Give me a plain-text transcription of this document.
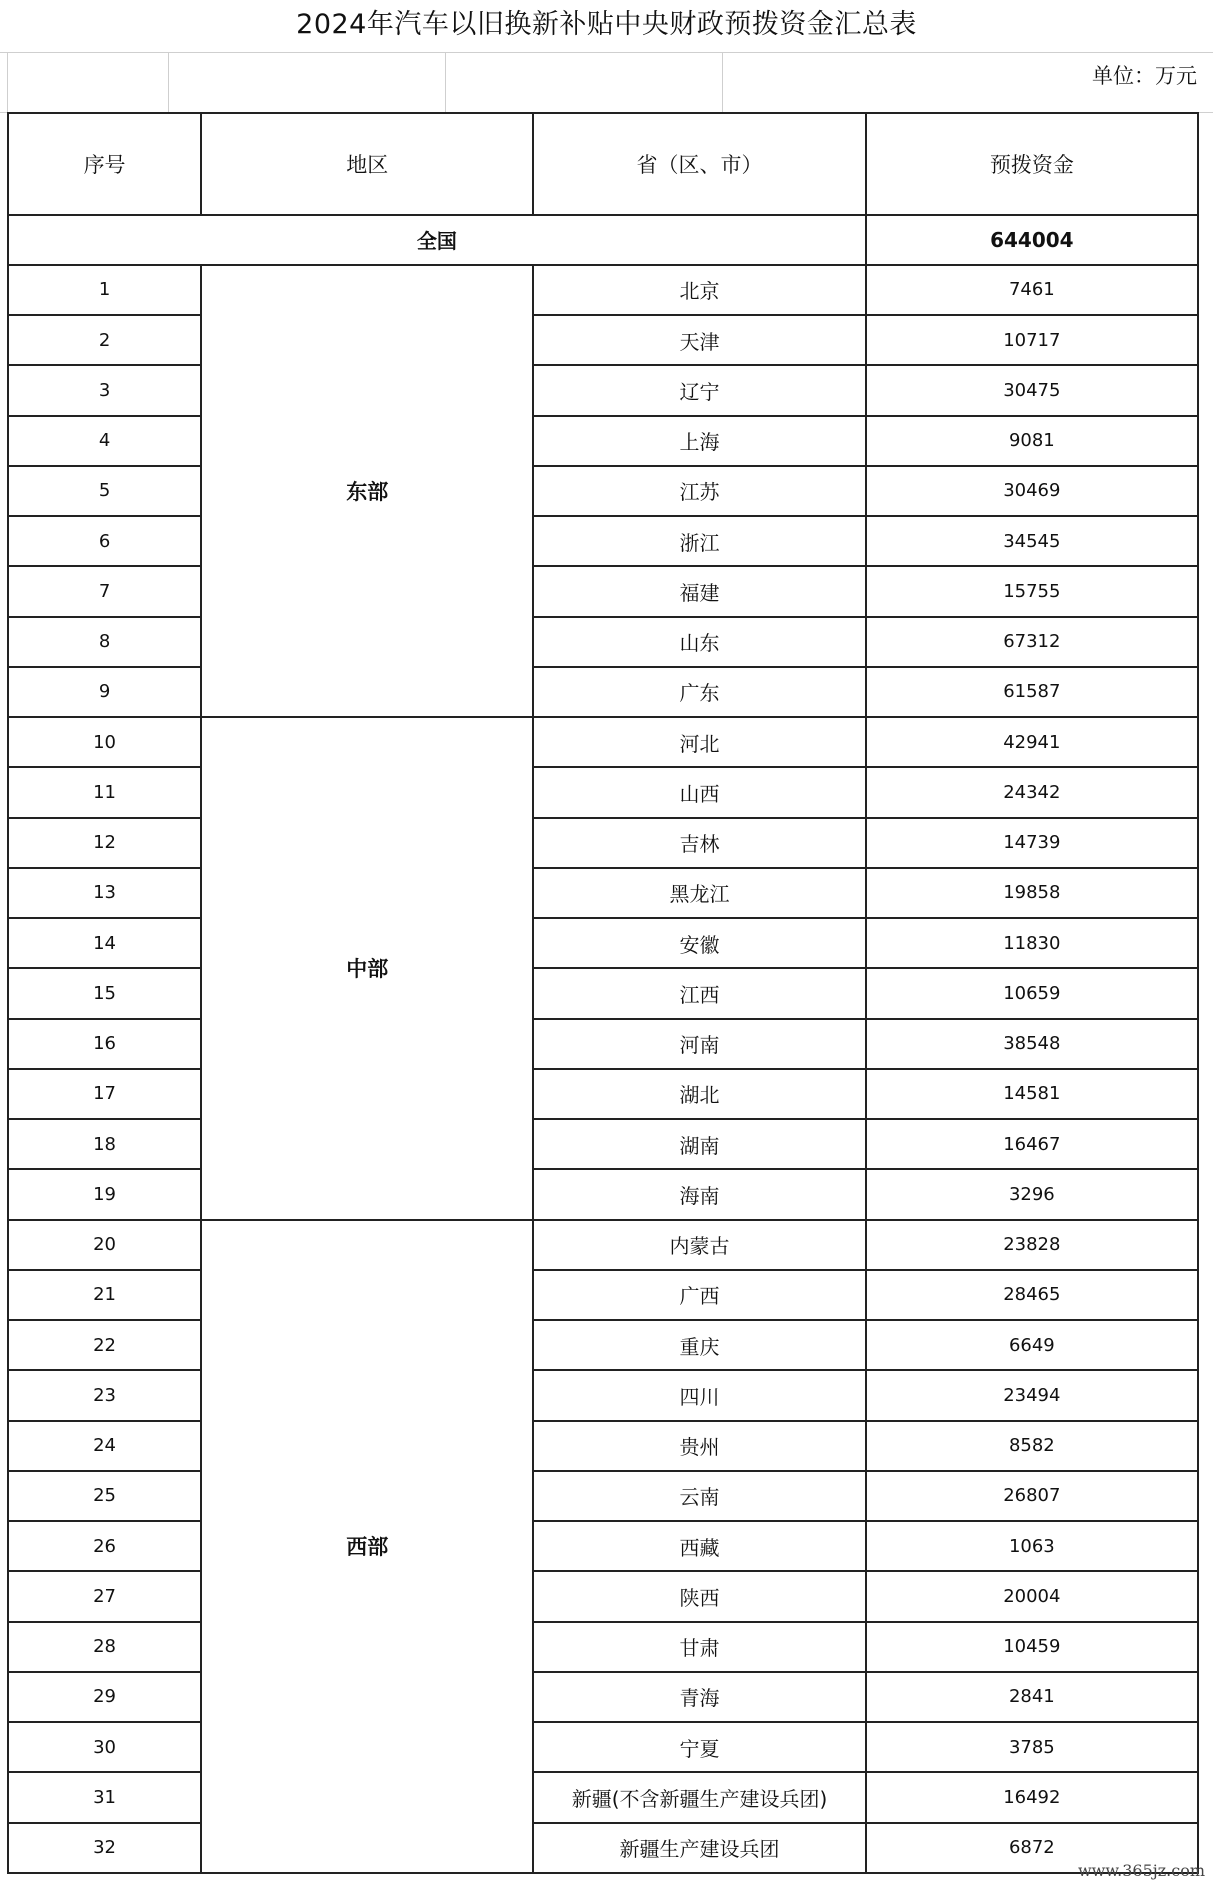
2024年汽车以旧换新补贴中央财政预拨资金汇总表
单位：万元
序号	地区	省（区、市）	预拨资金
全国			644004
1	东部	北京	7461
2		天津	10717
3		辽宁	30475
4		上海	9081
5		江苏	30469
6		浙江	34545
7		福建	15755
8		山东	67312
9		广东	61587
10	中部	河北	42941
11		山西	24342
12		吉林	14739
13		黑龙江	19858
14		安徽	11830
15		江西	10659
16		河南	38548
17		湖北	14581
18		湖南	16467
19		海南	3296
20	西部	内蒙古	23828
21		广西	28465
22		重庆	6649
23		四川	23494
24		贵州	8582
25		云南	26807
26		西藏	1063
27		陕西	20004
28		甘肃	10459
29		青海	2841
30		宁夏	3785
31		新疆(不含新疆生产建设兵团)	16492
32		新疆生产建设兵团	6872
www.365jz.com
